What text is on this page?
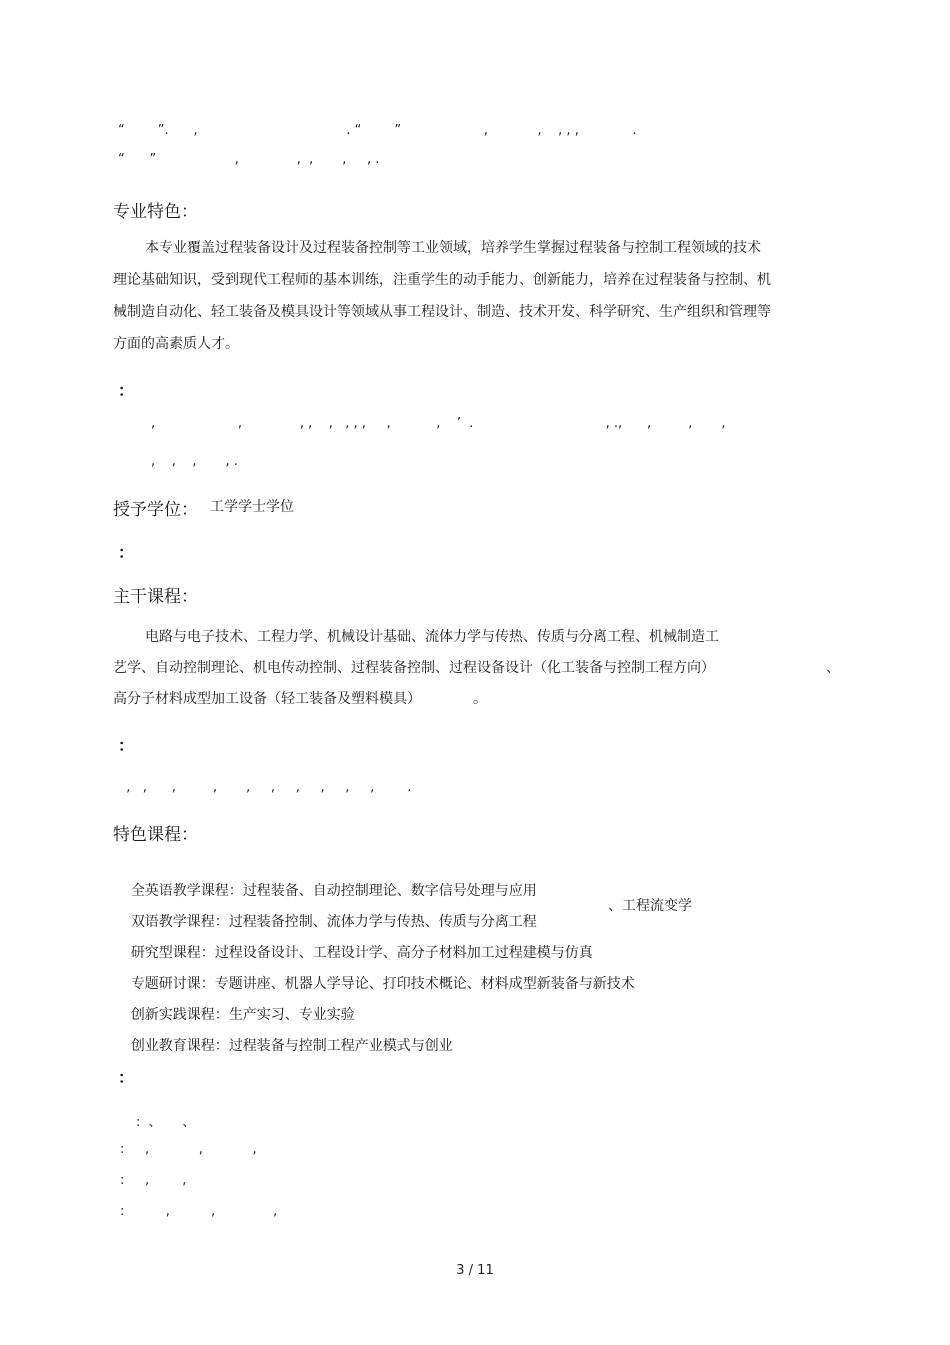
“        ”.      ,                                    . “        ”                    ,            ,    , , ,             .
“      ”                   ,              ,  ,       ,     , .
专业特色：
本专业覆盖过程装备设计及过程装备控制等工业领域，培养学生掌握过程装备与控制工程领域的技术理论基础知识，受到现代工程师的基本训练，注重学生的动手能力、创新能力，培养在过程装备与控制、机械制造自动化、轻工装备及模具设计等领域从事工程设计、制造、技术开发、科学研究、生产组织和管理等方面的高素质人才。
：
,                    ,              , ,    ,   , , ,     ,           ,    ’  .                                , .,      ,         ,       ,
,    ,    ,       , .
授予学位： 工学学士学位
：
主干课程：
电路与电子技术、工程力学、机械设计基础、流体力学与传热、传质与分离工程、机械制造工
艺学、自动控制理论、机电传动控制、过程装备控制、过程设备设计（化工装备与控制工程方向）	、
高分子材料成型加工设备（轻工装备及塑料模具）	。
：
,   ,      ,         ,       ,     ,     ,     ,     ,     ,        .
特色课程：

全英语教学课程：过程装备、自动控制理论、数字信号处理与应用

双语教学课程：过程装备控制、流体力学与传热、传质与分离工程

、工程流变学

研究型课程：过程设备设计、工程设计学、高分子材料加工过程建模与仿真

专题研讨课：专题讲座、机器人学导论、打印技术概论、材料成型新装备与新技术

创新实践课程：生产实习、专业实验

创业教育课程：过程装备与控制工程产业模式与创业

：
:  、     、
:     ,            ,            ,
:     ,        ,
:          ,          ,              ,
3 / 11
